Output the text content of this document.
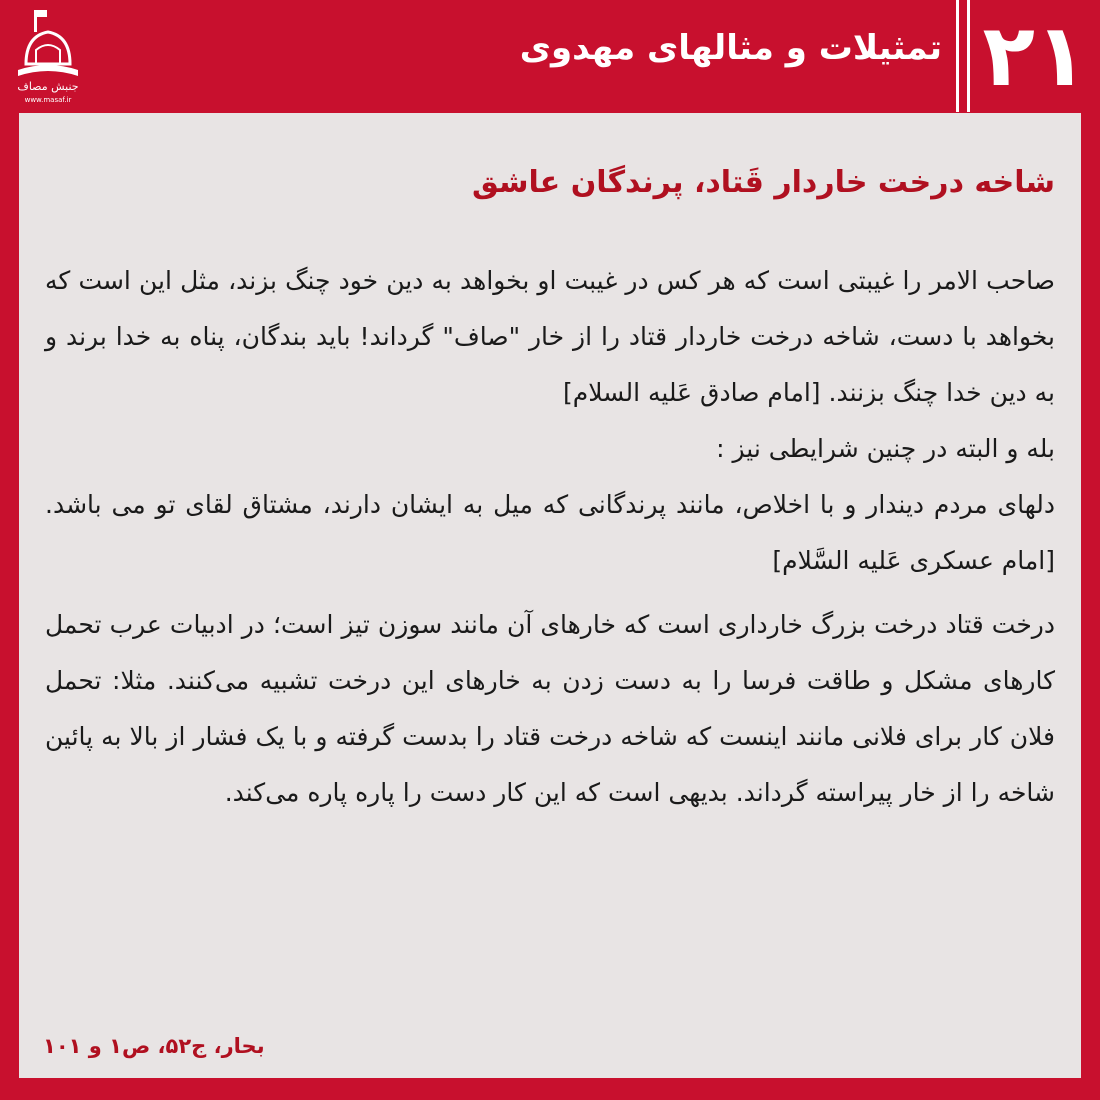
جنبش مصاف
www.masaf.ir
تمثیلات و مثالهای مهدوی ۲۱
شاخه درخت خاردار قَتاد، پرندگان عاشق

صاحب الامر را غیبتی است که هر کس در غیبت او بخواهد به دین خود چنگ بزند، مثل این است که بخواهد با دست، شاخه درخت خاردار قتاد را از خار "صاف" گرداند! باید بندگان، پناه به خدا برند و به دین خدا چنگ بزنند. [امام صادق عَلیه السلام]

بله و البته در چنین شرایطی نیز :

دلهای مردم دیندار و با اخلاص، مانند پرندگانی که میل به ایشان دارند، مشتاق لقای تو می باشد. [امام عسکری عَلیه السَّلام]

درخت قتاد درخت بزرگ خارداری است که خارهای آن مانند سوزن تیز است؛ در ادبیات عرب تحمل کارهای مشکل و طاقت فرسا را به دست زدن به خارهای این درخت تشبیه می‌کنند. مثلا: تحمل فلان کار برای فلانی مانند اینست که شاخه درخت قتاد را بدست گرفته و با یک فشار از بالا به پائین شاخه را از خار پیراسته گرداند. بدیهی است که این کار دست را پاره پاره می‌کند.

بحار، ج۵۲، ص۱ و ۱۰۱
